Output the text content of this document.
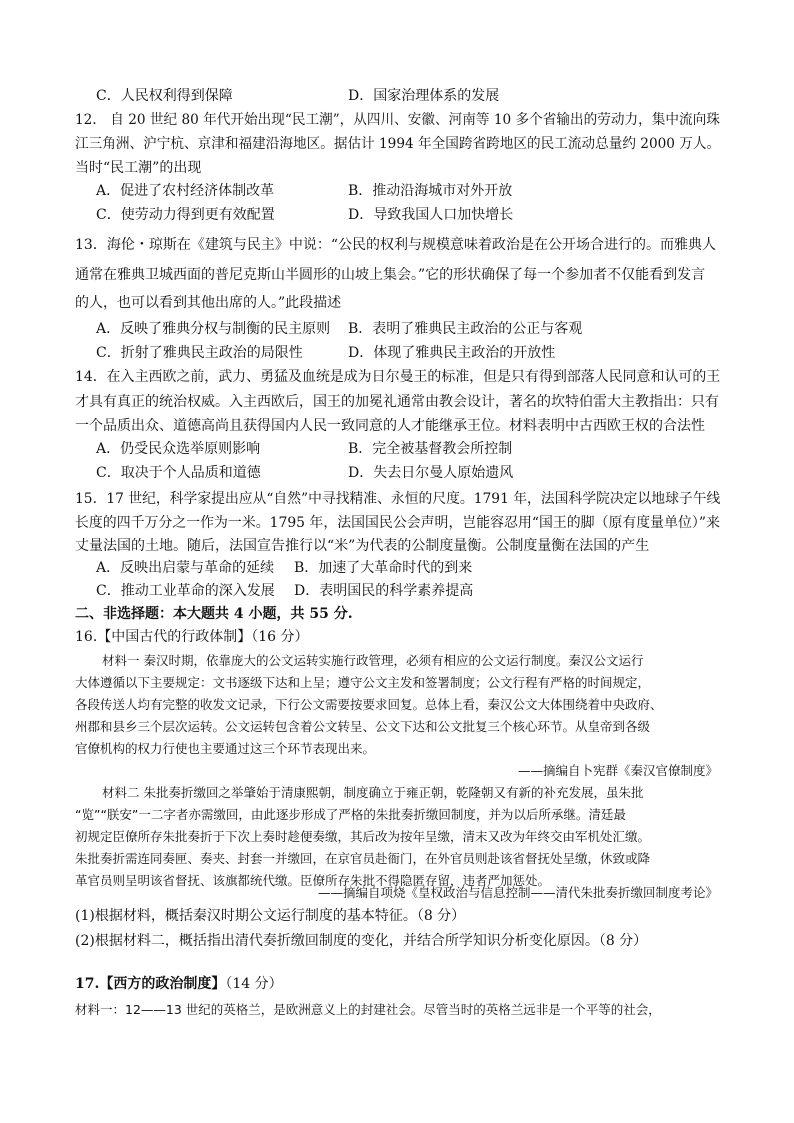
C．人民权利得到保障	D．国家治理体系的发展
12． 自 20 世纪 80 年代开始出现“民工潮”，从四川、安徽、河南等 10 多个省输出的劳动力，集中流向珠
江三角洲、沪宁杭、京津和福建沿海地区。据估计 1994 年全国跨省跨地区的民工流动总量约 2000 万人。
当时“民工潮”的出现
A．促进了农村经济体制改革	B．推动沿海城市对外开放
C．使劳动力得到更有效配置	D．导致我国人口加快增长
13．海伦・琼斯在《建筑与民主》中说：“公民的权利与规模意味着政治是在公开场合进行的。而雅典人
通常在雅典卫城西面的普尼克斯山半圆形的山坡上集会。”它的形状确保了每一个参加者不仅能看到发言
的人，也可以看到其他出席的人。”此段描述
A．反映了雅典分权与制衡的民主原则 B．表明了雅典民主政治的公正与客观
C．折射了雅典民主政治的局限性	D．体现了雅典民主政治的开放性
14．在入主西欧之前，武力、勇猛及血统是成为日尔曼王的标准，但是只有得到部落人民同意和认可的王
才具有真正的统治权威。入主西欧后，国王的加冕礼通常由教会设计，著名的坎特伯雷大主教指出：只有
一个品质出众、道德高尚且获得国内人民一致同意的人才能继承王位。材料表明中古西欧王权的合法性
A．仍受民众选举原则影响	B．完全被基督教会所控制
C．取决于个人品质和道德	D．失去日尔曼人原始遗风
15．17 世纪，科学家提出应从“自然”中寻找精准、永恒的尺度。1791 年，法国科学院决定以地球子午线
长度的四千万分之一作为一米。1795 年，法国国民公会声明，岂能容忍用“国王的脚（原有度量单位）”来
丈量法国的土地。随后，法国宣告推行以“米”为代表的公制度量衡。公制度量衡在法国的产生
A．反映出启蒙与革命的延续 B．加速了大革命时代的到来
C．推动工业革命的深入发展 D．表明国民的科学素养提高
二、非选择题：本大题共 4 小题，共 55 分.
16.【中国古代的行政体制】（16 分）
材料一 秦汉时期，依靠庞大的公文运转实施行政管理，必须有相应的公文运行制度。秦汉公文运行
大体遵循以下主要规定：文书逐级下达和上呈；遵守公文主发和签署制度；公文行程有严格的时间规定，
各段传送人均有完整的收发文记录，下行公文需要按要求回复。总体上看，秦汉公文大体围绕着中央政府、
州郡和县乡三个层次运转。公文运转包含着公文转呈、公文下达和公文批复三个核心环节。从皇帝到各级
官僚机构的权力行使也主要通过这三个环节表现出来。
——摘编自卜宪群《秦汉官僚制度》
材料二 朱批奏折缴回之举肇始于清康熙朝，制度确立于雍正朝，乾隆朝又有新的补充发展，虽朱批
“览”“朕安”一二字者亦需缴回，由此逐步形成了严格的朱批奏折缴回制度，并为以后所承继。清廷最
初规定臣僚所存朱批奏折于下次上奏时趁便奏缴，其后改为按年呈缴，清末又改为年终交由军机处汇缴。
朱批奏折需连同奏匣、奏夹、封套一并缴回，在京官员赴衙门，在外官员则赴该省督抚处呈缴，休致或降
革官员则呈明该省督抚、该旗都统代缴。臣僚所存朱批不得隐匿存留，违者严加惩处。
——摘编自项烧《皇权政治与信息控制——清代朱批奏折缴回制度考论》
(1)根据材料，概括秦汉时期公文运行制度的基本特征。（8 分）
(2)根据材料二，概括指出清代奏折缴回制度的变化，并结合所学知识分析变化原因。（8 分）
17.【西方的政治制度】（14 分）
材料一：12——13 世纪的英格兰，是欧洲意义上的封建社会。尽管当时的英格兰远非是一个平等的社会，
